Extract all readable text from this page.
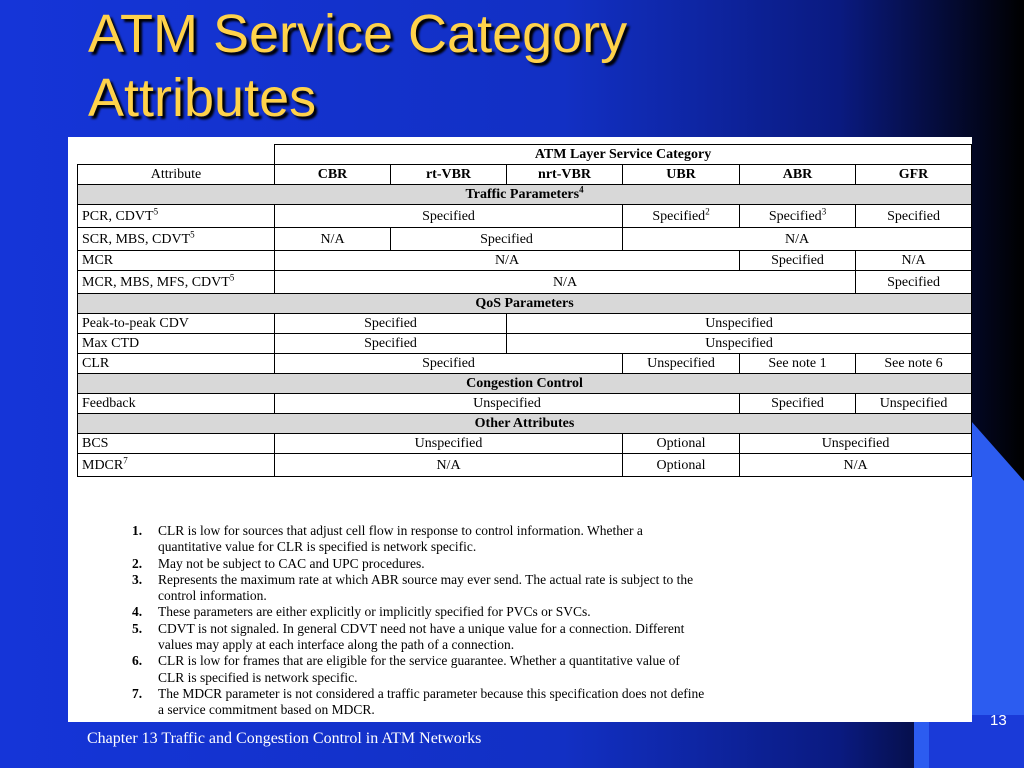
ATM Service Category
Attributes
	ATM Layer Service Category					
Attribute	CBR	rt-VBR	nrt-VBR	UBR	ABR	GFR
Traffic Parameters$^4$
PCR, CDVT$^5$	Specified			Specified$^2$	Specified$^3$	Specified
SCR, MBS, CDVT$^5$	N/A	Specified		N/A		
MCR	N/A				Specified	N/A
MCR, MBS, MFS, CDVT$^5$	N/A					Specified
QoS Parameters						
Peak-to-peak CDV	Specified		Unspecified			
Max CTD	Specified		Unspecified			
CLR	Specified			Unspecified	See note 1	See note 6
Congestion Control						
Feedback	Unspecified				Specified	Unspecified
Other Attributes						
BCS	Unspecified			Optional	Unspecified	
MDCR$^7$	N/A			Optional	N/A	
1. CLR is low for sources that adjust cell flow in response to control information. Whether a
quantitative value for CLR is specified is network specific.
2. May not be subject to CAC and UPC procedures.
3. Represents the maximum rate at which ABR source may ever send. The actual rate is subject to the
control information.
4. These parameters are either explicitly or implicitly specified for PVCs or SVCs.
5. CDVT is not signaled. In general CDVT need not have a unique value for a connection. Different
values may apply at each interface along the path of a connection.
6. CLR is low for frames that are eligible for the service guarantee. Whether a quantitative value of
CLR is specified is network specific.
7. The MDCR parameter is not considered a traffic parameter because this specification does not define
a service commitment based on MDCR.
Chapter 13 Traffic and Congestion Control in ATM Networks
13
